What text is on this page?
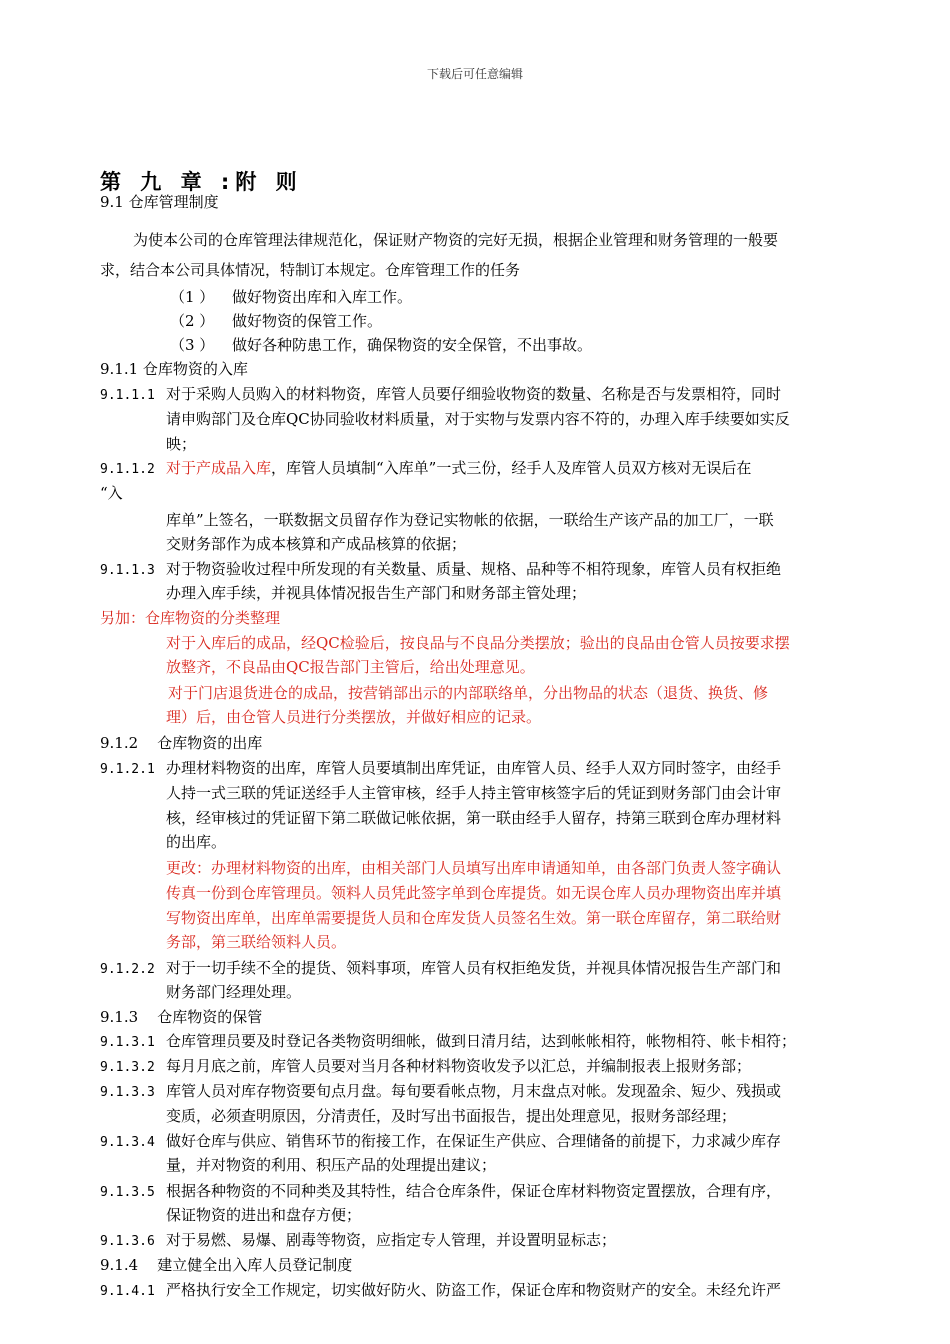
下载后可任意编辑
第 九 章 :附 则
9.1 仓库管理制度
为使本公司的仓库管理法律规范化，保证财产物资的完好无损，根据企业管理和财务管理的一般要
求，结合本公司具体情况，特制订本规定。仓库管理工作的任务
（1 ） 做好物资出库和入库工作。
（2 ） 做好物资的保管工作。
（3 ） 做好各种防患工作，确保物资的安全保管，不出事故。
9.1.1 仓库物资的入库
9.1.1.1 对于采购人员购入的材料物资，库管人员要仔细验收物资的数量、名称是否与发票相符，同时
请申购部门及仓库QC协同验收材料质量，对于实物与发票内容不符的，办理入库手续要如实反
映；
9.1.1.2 对于产成品入库，库管人员填制“入库单”一式三份，经手人及库管人员双方核对无误后在
“入
库单”上签名，一联数据文员留存作为登记实物帐的依据，一联给生产该产品的加工厂，一联
交财务部作为成本核算和产成品核算的依据；
9.1.1.3 对于物资验收过程中所发现的有关数量、质量、规格、品种等不相符现象，库管人员有权拒绝
办理入库手续，并视具体情况报告生产部门和财务部主管处理；
另加：仓库物资的分类整理
对于入库后的成品，经QC检验后，按良品与不良品分类摆放；验出的良品由仓管人员按要求摆
放整齐，不良品由QC报告部门主管后，给出处理意见。
对于门店退货进仓的成品，按营销部出示的内部联络单，分出物品的状态（退货、换货、修
理）后，由仓管人员进行分类摆放，并做好相应的记录。
9.1.2    仓库物资的出库
9.1.2.1 办理材料物资的出库，库管人员要填制出库凭证，由库管人员、经手人双方同时签字，由经手
人持一式三联的凭证送经手人主管审核，经手人持主管审核签字后的凭证到财务部门由会计审
核，经审核过的凭证留下第二联做记帐依据，第一联由经手人留存，持第三联到仓库办理材料
的出库。
更改：办理材料物资的出库，由相关部门人员填写出库申请通知单，由各部门负责人签字确认
传真一份到仓库管理员。领料人员凭此签字单到仓库提货。如无误仓库人员办理物资出库并填
写物资出库单，出库单需要提货人员和仓库发货人员签名生效。第一联仓库留存，第二联给财
务部，第三联给领料人员。
9.1.2.2 对于一切手续不全的提货、领料事项，库管人员有权拒绝发货，并视具体情况报告生产部门和
财务部门经理处理。
9.1.3    仓库物资的保管
9.1.3.1 仓库管理员要及时登记各类物资明细帐，做到日清月结，达到帐帐相符，帐物相符、帐卡相符；
9.1.3.2 每月月底之前，库管人员要对当月各种材料物资收发予以汇总，并编制报表上报财务部；
9.1.3.3 库管人员对库存物资要旬点月盘。每旬要看帐点物，月末盘点对帐。发现盈余、短少、残损或
变质，必须查明原因，分清责任，及时写出书面报告，提出处理意见，报财务部经理；
9.1.3.4 做好仓库与供应、销售环节的衔接工作，在保证生产供应、合理储备的前提下，力求减少库存
量，并对物资的利用、积压产品的处理提出建议；
9.1.3.5 根据各种物资的不同种类及其特性，结合仓库条件，保证仓库材料物资定置摆放，合理有序，
保证物资的进出和盘存方便；
9.1.3.6 对于易燃、易爆、剧毒等物资，应指定专人管理，并设置明显标志；
9.1.4    建立健全出入库人员登记制度
9.1.4.1 严格执行安全工作规定，切实做好防火、防盗工作，保证仓库和物资财产的安全。未经允许严
